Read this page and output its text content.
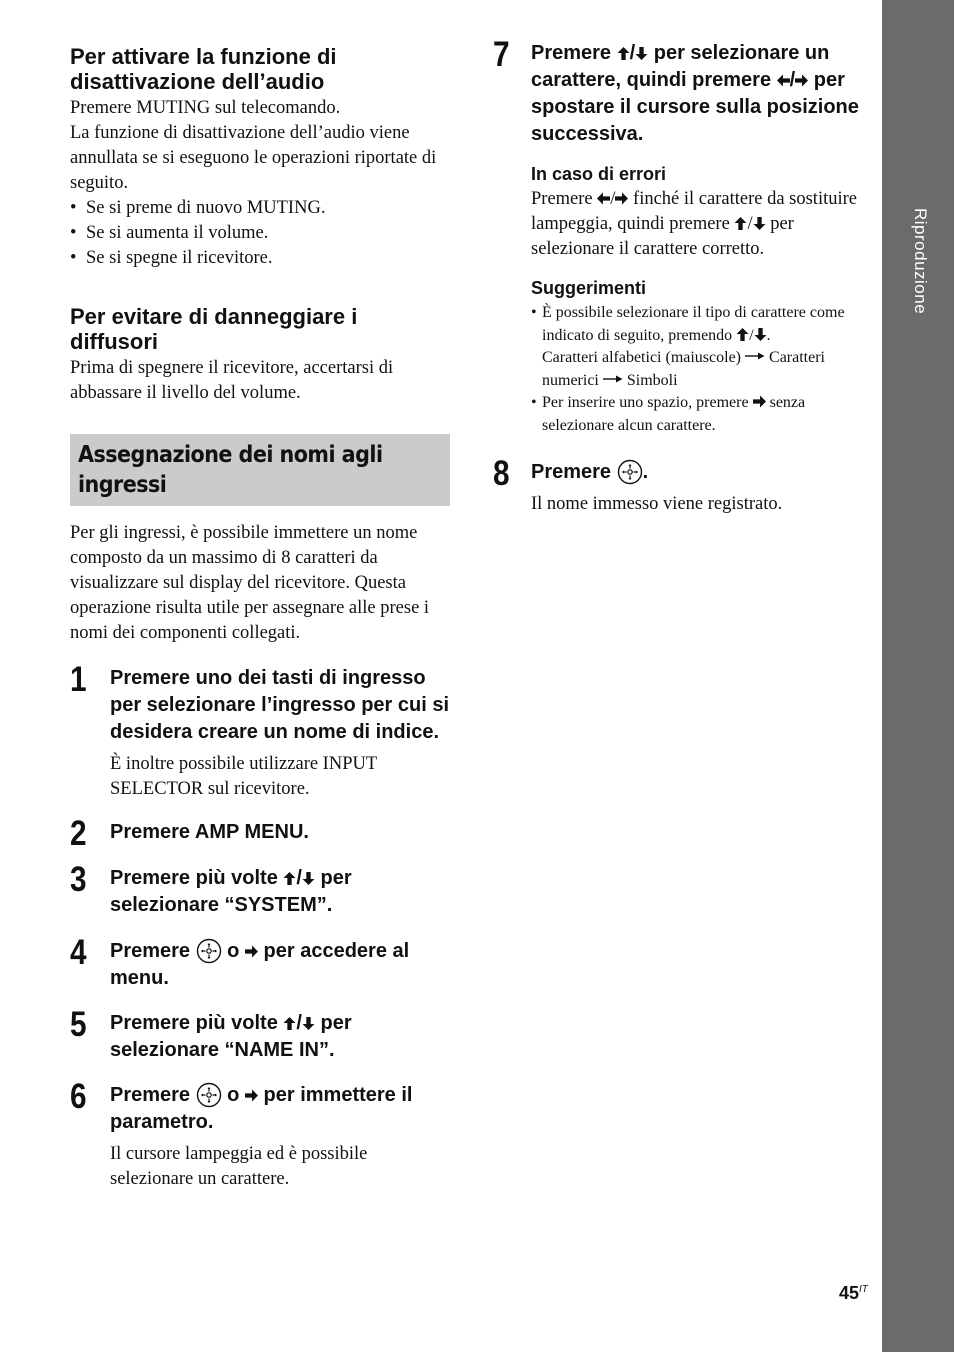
Per attivare la funzione di disattivazione dell’audio

Premere MUTING sul telecomando.

La funzione di disattivazione dell’audio viene annullata se si eseguono le operazioni riportate di seguito.

• Se si preme di nuovo MUTING.
• Se si aumenta il volume.
• Se si spegne il ricevitore.
Per evitare di danneggiare i diffusori

Prima di spegnere il ricevitore, accertarsi di abbassare il livello del volume.

Assegnazione dei nomi agli ingressi

Per gli ingressi, è possibile immettere un nome composto da un massimo di 8 caratteri da visualizzare sul display del ricevitore. Questa operazione risulta utile per assegnare alle prese i nomi dei componenti collegati.

1 Premere uno dei tasti di ingresso per selezionare l’ingresso per cui si desidera creare un nome di indice.

È inoltre possibile utilizzare INPUT SELECTOR sul ricevitore.

2 Premere AMP MENU.

3 Premere più volte / per selezionare “SYSTEM”.

4 Premere  o  per accedere al menu.

5 Premere più volte / per selezionare “NAME IN”.

6 Premere  o  per immettere il parametro.

Il cursore lampeggia ed è possibile selezionare un carattere.

7 Premere / per selezionare un carattere, quindi premere / per spostare il cursore sulla posizione successiva.

In caso di errori

Premere / finché il carattere da sostituire lampeggia, quindi premere / per selezionare il carattere corretto.

Suggerimenti
• È possibile selezionare il tipo di carattere come indicato di seguito, premendo / .
Caratteri alfabetici (maiuscole)  Caratteri numerici  Simboli
• Per inserire uno spazio, premere  senza selezionare alcun carattere.
8 Premere .

Il nome immesso viene registrato.

Riproduzione
$45^{IT}$
